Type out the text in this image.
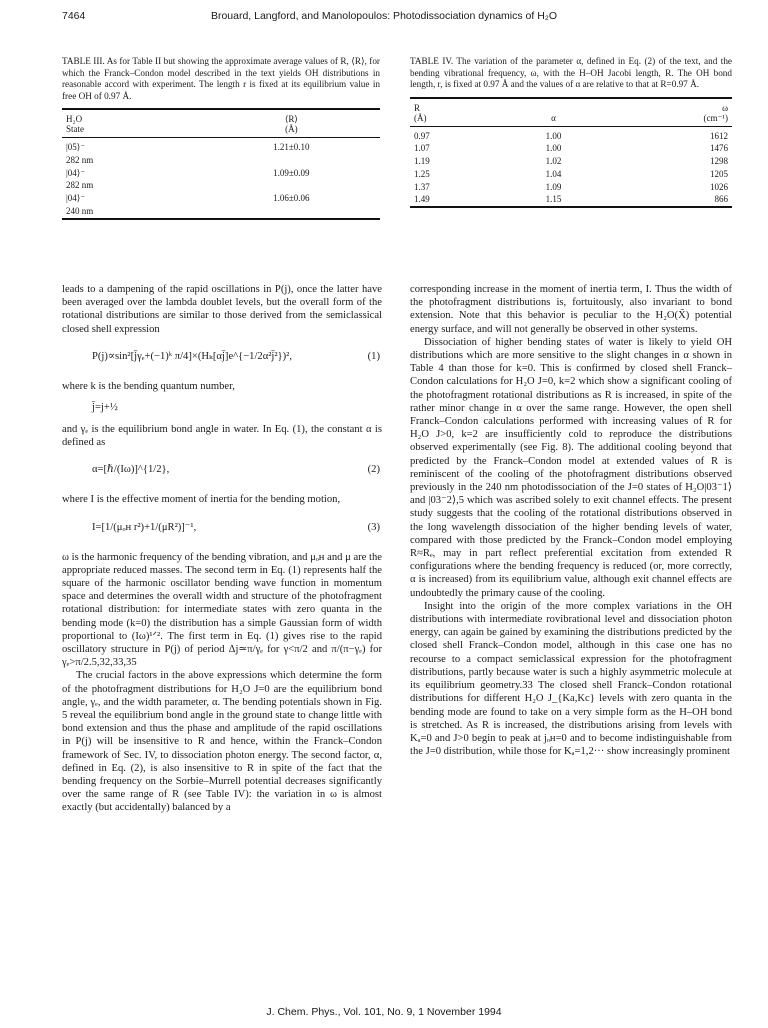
7464	Brouard, Langford, and Manolopoulos: Photodissociation dynamics of H₂O

TABLE III. As for Table II but showing the approximate average values of R, ⟨R⟩, for which the Franck–Condon model described in the text yields OH distributions in reasonable accord with experiment. The length r is fixed at its equilibrium value in free OH of 0.97 Å.

H₂O	⟨R⟩
State	(Å)
|05⟩⁻	1.21±0.10
282 nm	
|04⟩⁻	1.09±0.09
282 nm	
|04⟩⁻	1.06±0.06
240 nm	

TABLE IV. The variation of the parameter α, defined in Eq. (2) of the text, and the bending vibrational frequency, ω, with the H–OH Jacobi length, R. The OH bond length, r, is fixed at 0.97 Å and the values of α are relative to that at R=0.97 Å.

R		ω
(Å)	α	(cm⁻¹)
0.97	1.00	1612
1.07	1.00	1476
1.19	1.02	1298
1.25	1.04	1205
1.37	1.09	1026
1.49	1.15	866

leads to a dampening of the rapid oscillations in P(j), once the latter have been averaged over the lambda doublet levels, but the overall form of the rotational distributions are similar to those derived from the semiclassical closed shell expression

P(j)∝sin²[j̄γₑ+(−1)ᵏ π/4]×(Hₖ[αj̄]e^{−1/2α²j̄²})²,	(1)

where k is the bending quantum number,

j̄=j+½

and γₑ is the equilibrium bond angle in water. In Eq. (1), the constant α is defined as

α=[ℏ/(Iω)]^{1/2},	(2)

where I is the effective moment of inertia for the bending motion,

I=[1/(μₒʜ r²)+1/(μR²)]⁻¹,	(3)

ω is the harmonic frequency of the bending vibration, and μₒʜ and μ are the appropriate reduced masses. The second term in Eq. (1) represents half the square of the harmonic oscillator bending wave function in momentum space and determines the overall width and structure of the photofragment rotational distribution: for intermediate states with zero quanta in the bending mode (k=0) the distribution has a simple Gaussian form of width proportional to (Iω)¹ᐟ². The first term in Eq. (1) gives rise to the rapid oscillatory structure in P(j) of period Δj≃π/γₑ for γ<π/2 and π/(π−γₑ) for γₑ>π/2.5,32,33,35

The crucial factors in the above expressions which determine the form of the photofragment distributions for H₂O J=0 are the equilibrium bond angle, γₑ, and the width parameter, α. The bending potentials shown in Fig. 5 reveal the equilibrium bond angle in the ground state to change little with bond extension and thus the phase and amplitude of the rapid oscillations in P(j) will be insensitive to R and hence, within the Franck–Condon framework of Sec. IV, to dissociation photon energy. The second factor, α, defined in Eq. (2), is also insensitive to R in spite of the fact that the bending frequency on the Sorbie–Murrell potential decreases significantly over the same range of R (see Table IV): the variation in ω is almost exactly (but accidentally) balanced by a

corresponding increase in the moment of inertia term, I. Thus the width of the photofragment distributions is, fortuitously, also invariant to bond extension. Note that this behavior is peculiar to the H₂O(X̃) potential energy surface, and will not generally be observed in other systems.

Dissociation of higher bending states of water is likely to yield OH distributions which are more sensitive to the slight changes in α shown in Table 4 than those for k=0. This is confirmed by closed shell Franck–Condon calculations for H₂O J=0, k=2 which show a significant cooling of the photofragment rotational distributions as R is increased, in spite of the rather minor change in α over the same range. However, the open shell Franck–Condon calculations performed with increasing values of R for H₂O J>0, k=2 are insufficiently cold to reproduce the distributions observed experimentally (see Fig. 8). The additional cooling beyond that predicted by the Franck–Condon model at extended values of R is reminiscent of the cooling of the photofragment distributions observed previously in the 240 nm photodissociation of the J=0 states of H₂O|03⁻1⟩ and |03⁻2⟩,5 which was ascribed solely to exit channel effects. The present study suggests that the cooling of the rotational distributions observed in the long wavelength dissociation of the higher bending levels of water, compared with those predicted by the Franck–Condon model employing R≈Rₑ, may in part reflect preferential excitation from extended R configurations where the bending frequency is reduced (or, more correctly, α is increased) from its equilibrium value, although exit channel effects are undoubtedly the primary cause of the cooling.

Insight into the origin of the more complex variations in the OH distributions with intermediate rovibrational level and dissociation photon energy, can again be gained by examining the distributions predicted by the closed shell Franck–Condon model, although in this case one has no recourse to a compact semiclassical expression for the photofragment distributions, partly because water is such a highly asymmetric molecule at its equilibrium geometry.33 The closed shell Franck–Condon rotational distributions for different H₂O J_{Ka,Kc} levels with zero quanta in the bending mode are found to take on a very simple form as the H–OH bond is stretched. As R is increased, the distributions arising from levels with Kₐ=0 and J>0 begin to peak at jₒʜ=0 and to become indistinguishable from the J=0 distribution, while those for Kₐ=1,2··· show increasingly prominent

J. Chem. Phys., Vol. 101, No. 9, 1 November 1994
